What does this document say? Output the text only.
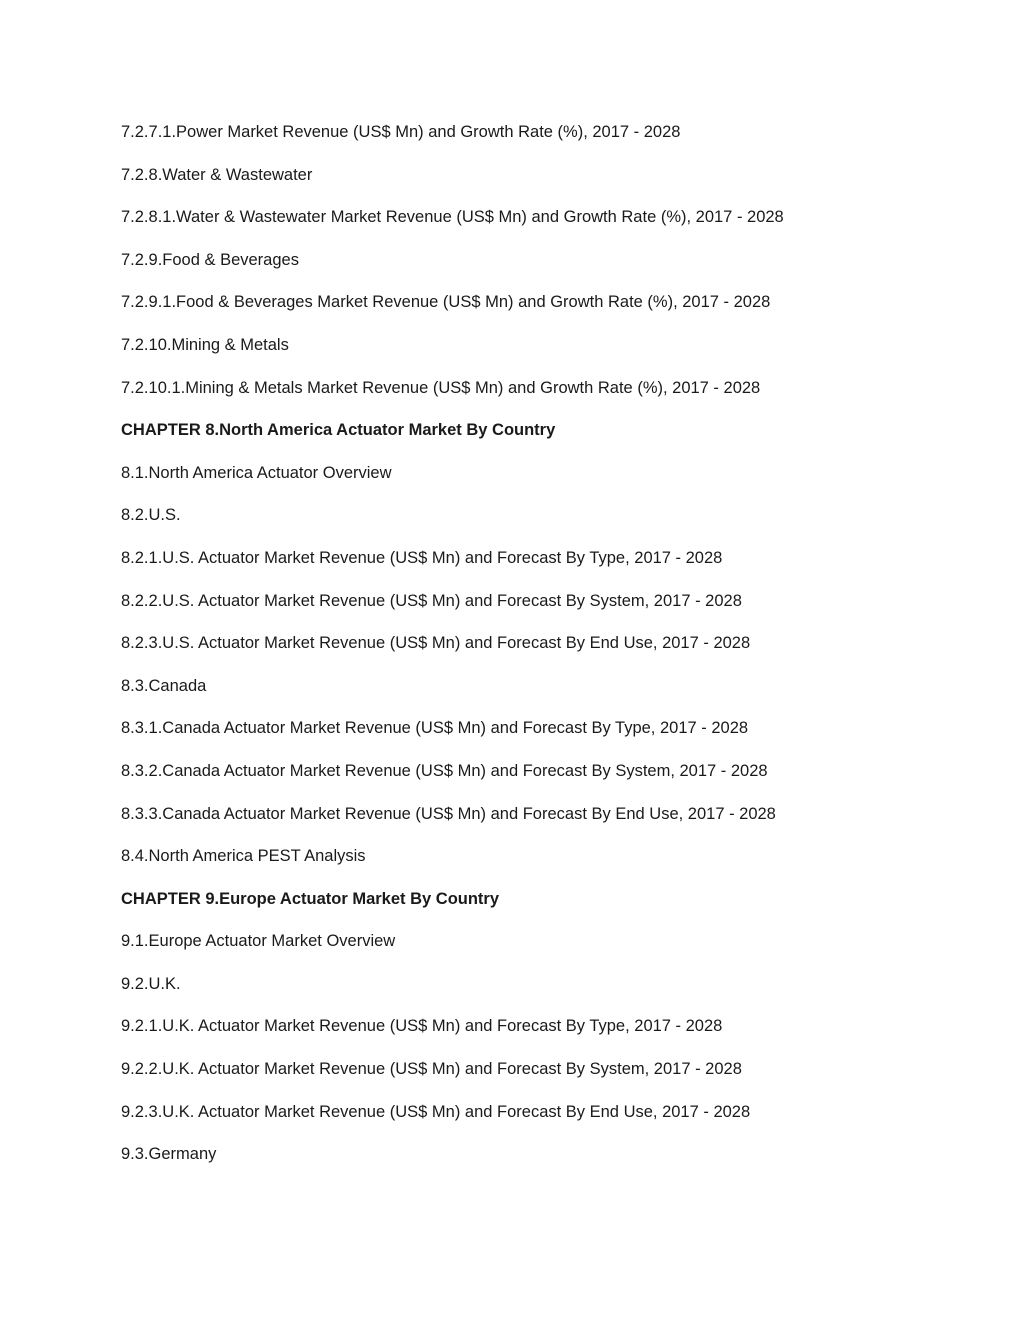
7.2.7.1.Power Market Revenue (US$ Mn) and Growth Rate (%), 2017 - 2028
7.2.8.Water & Wastewater
7.2.8.1.Water & Wastewater Market Revenue (US$ Mn) and Growth Rate (%), 2017 - 2028
7.2.9.Food & Beverages
7.2.9.1.Food & Beverages Market Revenue (US$ Mn) and Growth Rate (%), 2017 - 2028
7.2.10.Mining & Metals
7.2.10.1.Mining & Metals Market Revenue (US$ Mn) and Growth Rate (%), 2017 - 2028
CHAPTER 8.North America Actuator Market By Country
8.1.North America Actuator Overview
8.2.U.S.
8.2.1.U.S. Actuator Market Revenue (US$ Mn) and Forecast By Type, 2017 - 2028
8.2.2.U.S. Actuator Market Revenue (US$ Mn) and Forecast By System, 2017 - 2028
8.2.3.U.S. Actuator Market Revenue (US$ Mn) and Forecast By End Use, 2017 - 2028
8.3.Canada
8.3.1.Canada Actuator Market Revenue (US$ Mn) and Forecast By Type, 2017 - 2028
8.3.2.Canada Actuator Market Revenue (US$ Mn) and Forecast By System, 2017 - 2028
8.3.3.Canada Actuator Market Revenue (US$ Mn) and Forecast By End Use, 2017 - 2028
8.4.North America PEST Analysis
CHAPTER 9.Europe Actuator Market By Country
9.1.Europe Actuator Market Overview
9.2.U.K.
9.2.1.U.K. Actuator Market Revenue (US$ Mn) and Forecast By Type, 2017 - 2028
9.2.2.U.K. Actuator Market Revenue (US$ Mn) and Forecast By System, 2017 - 2028
9.2.3.U.K. Actuator Market Revenue (US$ Mn) and Forecast By End Use, 2017 - 2028
9.3.Germany
